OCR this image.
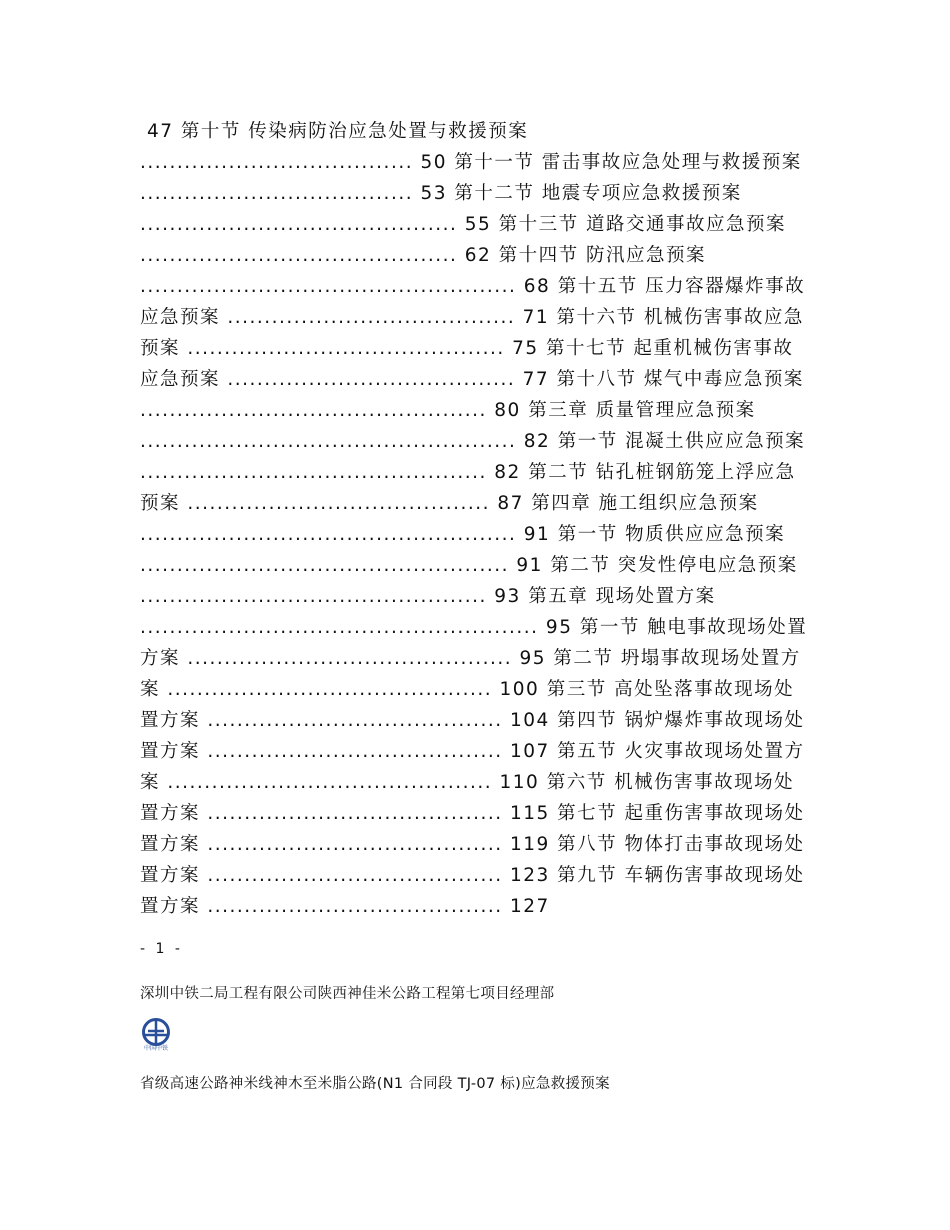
47 第十节 传染病防治应急处置与救援预案
..................................... 50 第十一节 雷击事故应急处理与救援预案
..................................... 53 第十二节 地震专项应急救援预案
........................................... 55 第十三节 道路交通事故应急预案
........................................... 62 第十四节 防汛应急预案
................................................... 68 第十五节 压力容器爆炸事故
应急预案 ....................................... 71 第十六节 机械伤害事故应急
预案 ........................................... 75 第十七节 起重机械伤害事故
应急预案 ....................................... 77 第十八节 煤气中毒应急预案
............................................... 80 第三章 质量管理应急预案
................................................... 82 第一节 混凝土供应应急预案
............................................... 82 第二节 钻孔桩钢筋笼上浮应急
预案 ......................................... 87 第四章 施工组织应急预案
................................................... 91 第一节 物质供应应急预案
.................................................. 91 第二节 突发性停电应急预案
............................................... 93 第五章 现场处置方案
...................................................... 95 第一节 触电事故现场处置
方案 ............................................ 95 第二节 坍塌事故现场处置方
案 ............................................ 100 第三节 高处坠落事故现场处
置方案 ........................................ 104 第四节 锅炉爆炸事故现场处
置方案 ........................................ 107 第五节 火灾事故现场处置方
案 ............................................ 110 第六节 机械伤害事故现场处
置方案 ........................................ 115 第七节 起重伤害事故现场处
置方案 ........................................ 119 第八节 物体打击事故现场处
置方案 ........................................ 123 第九节 车辆伤害事故现场处
置方案 ........................................ 127
- 1 -
深圳中铁二局工程有限公司陕西神佳米公路工程第七项目经理部
中国中铁
省级高速公路神米线神木至米脂公路(N1 合同段 TJ-07 标)应急救援预案
